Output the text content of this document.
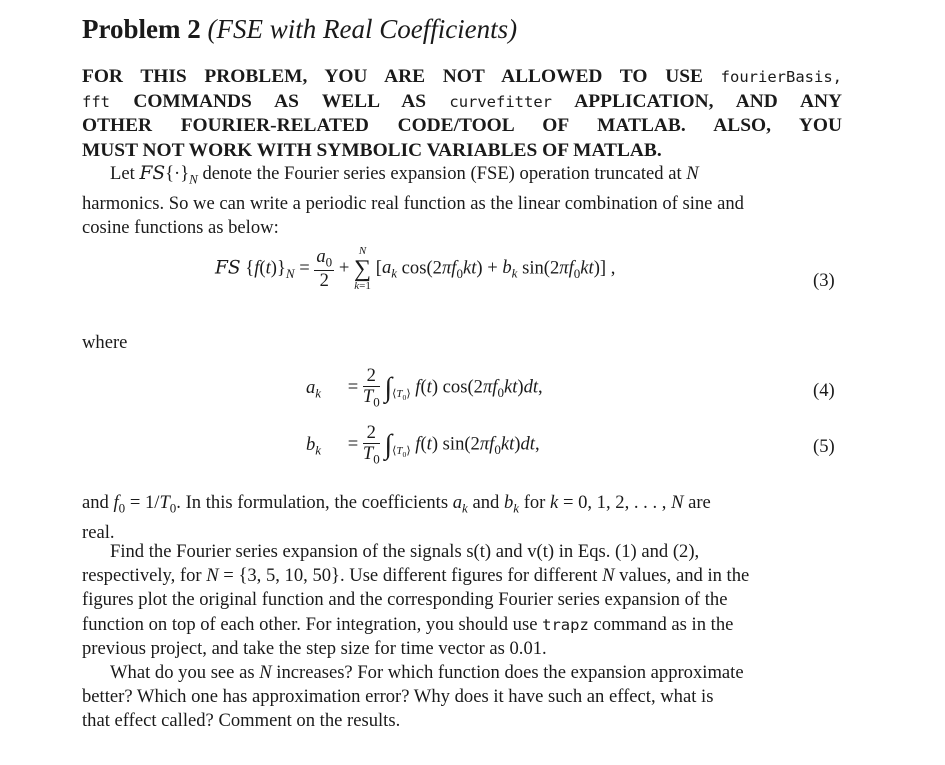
Problem 2 (FSE with Real Coefficients)
FOR THIS PROBLEM, YOU ARE NOT ALLOWED TO USE fourierBasis,
fft COMMANDS AS WELL AS curvefitter APPLICATION, AND ANY
OTHER FOURIER-RELATED CODE/TOOL OF MATLAB. ALSO, YOU
MUST NOT WORK WITH SYMBOLIC VARIABLES OF MATLAB.
Let $FS\{\cdot\}_N$ denote the Fourier series expansion (FSE) operation truncated at N
harmonics. So we can write a periodic real function as the linear combination of sine and
cosine functions as below:
FS $\{f(t)\}_N = \frac{a_0}{2}$ +
N
∑
k=1
[$a_k$ $\cos(2\pi f_0kt) + b_k$ $\sin(2\pi f_0kt)$] ,
(3)
where
$a_k = \frac{2}{T_0} \int_{⟨T_0⟩}$ f(t) $\cos(2\pi f_0kt)dt$,	(4)
$b_k = \frac{2}{T_0} \int_{⟨T_0⟩}$ f(t) $\sin(2\pi f_0kt)dt$,	(5)
and $f_0 = 1/T_0$. In this formulation, the coefficients $a_k$ and $b_k$ for k = 0, 1, 2, . . . , N are
real.
Find the Fourier series expansion of the signals s(t) and v(t) in Eqs. (1) and (2),
respectively, for N = {3, 5, 10, 50}. Use different figures for different N values, and in the
figures plot the original function and the corresponding Fourier series expansion of the
function on top of each other. For integration, you should use trapz command as in the
previous project, and take the step size for time vector as 0.01.
What do you see as N increases? For which function does the expansion approximate
better? Which one has approximation error? Why does it have such an effect, what is
that effect called? Comment on the results.
